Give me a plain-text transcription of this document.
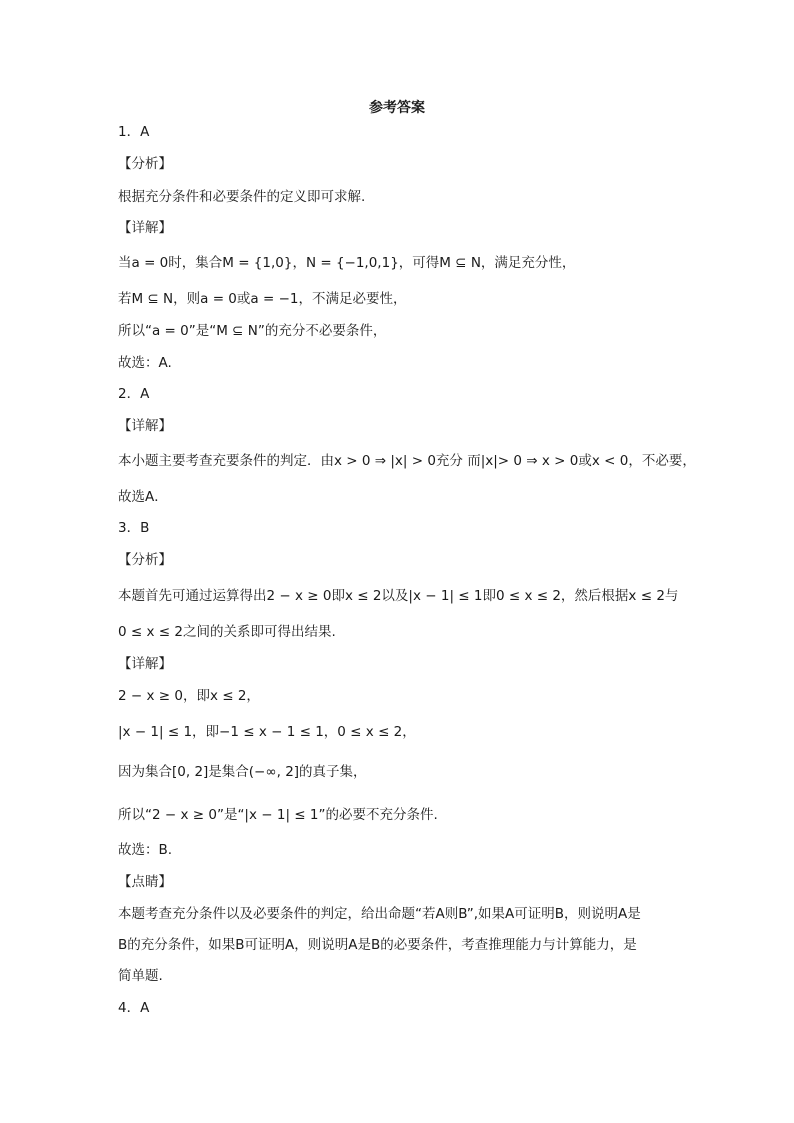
参考答案
1．A
【分析】
根据充分条件和必要条件的定义即可求解.
【详解】
当a = 0时，集合M = {1,0}，N = {−1,0,1}，可得M ⊆ N，满足充分性，
若M ⊆ N，则a = 0或a = −1，不满足必要性，
所以“a = 0”是“M ⊆ N”的充分不必要条件，
故选：A.
2．A
【详解】
本小题主要考查充要条件的判定．由x > 0 ⇒ |x| > 0充分 而|x|> 0 ⇒ x > 0或x < 0，不必要，
故选A．
3．B
【分析】
本题首先可通过运算得出2 − x ≥ 0即x ≤ 2以及|x − 1| ≤ 1即0 ≤ x ≤ 2，然后根据x ≤ 2与
0 ≤ x ≤ 2之间的关系即可得出结果.
【详解】
2 − x ≥ 0，即x ≤ 2，
|x − 1| ≤ 1，即−1 ≤ x − 1 ≤ 1，0 ≤ x ≤ 2，
因为集合[0, 2]是集合(−∞, 2]的真子集，
所以“2 − x ≥ 0”是“|x − 1| ≤ 1”的必要不充分条件.
故选：B.
【点睛】
本题考查充分条件以及必要条件的判定，给出命题“若A则B”,如果A可证明B，则说明A是
B的充分条件，如果B可证明A，则说明A是B的必要条件，考查推理能力与计算能力，是
简单题.
4．A
